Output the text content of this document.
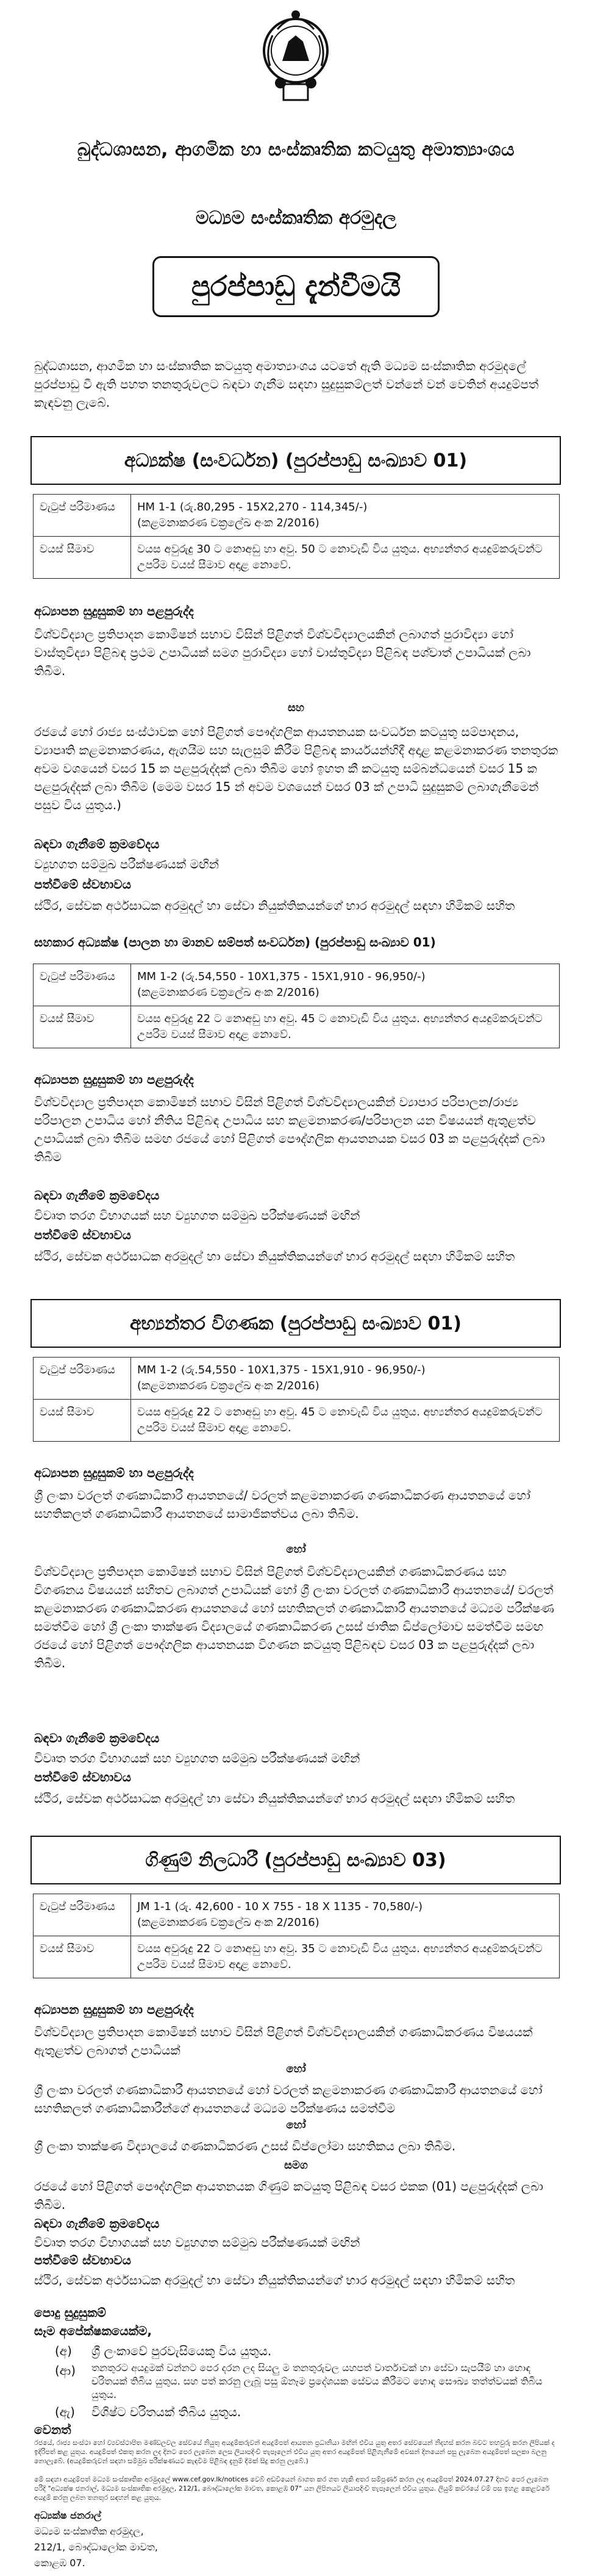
බුද්ධශාසන, ආගමික හා සංස්කෘතික කටයුතු අමාත්‍යාංශය
මධ්‍යම සංස්කෘතික අරමුදල
පුරප්පාඩු දැන්වීමයි
බුද්ධශාසන, ආගමික හා සංස්කෘතික කටයුතු අමාත්‍යාංශය යටතේ ඇති මධ්‍යම සංස්කෘතික අරමුදලේ පුරප්පාඩු වී ඇති පහත තනතුරුවලට බඳවා ගැනීම සඳහා සුදුසුකම්ලත් වන්නේ වන් වෙතින් අයදුම්පත් කැඳවනු ලැබේ.
අධ්‍යක්ෂ (සංවර්ධන) (පුරප්පාඩු සංඛ්‍යාව 01)
වැටුප් පරිමාණය	HM 1-1 (රු.80,295 - 15X2,270 - 114,345/-)
(කළමනාකරණ චක්‍රලේඛ අංක 2/2016)
වයස් සීමාව	වයස අවුරුදු 30 ට නොඅඩු හා අවු. 50 ට නොවැඩි විය යුතුය. අභ්‍යන්තර අයදුම්කරුවන්ට උපරිම වයස් සීමාව අදාළ නොවේ.
අධ්‍යාපන සුදුසුකම් හා පළපුරුද්ද
විශ්වවිද්‍යාල ප්‍රතිපාදන කොමිෂන් සභාව විසින් පිළිගත් විශ්වවිද්‍යාලයකින් ලබාගත් පුරාවිද්‍යා හෝ වාස්තුවිද්‍යා පිළිබඳ ප්‍රථම උපාධියක් සමග පුරාවිද්‍යා හෝ වාස්තුවිද්‍යා පිළිබඳ පශ්චාත් උපාධියක් ලබා තිබීම.
සහ
රජයේ හෝ රාජ්‍ය සංස්ථාවක හෝ පිළිගත් පෞද්ගලික ආයතනයක සංවර්ධන කටයුතු සම්පාදනය, ව්‍යාපෘති කළමනාකරණය, ඇගයීම සහ සැලසුම් කිරීම පිළිබඳ කාර්යයන්හිදී අදාළ කළමනාකරණ තනතුරක අවම වශයෙන් වසර 15 ක පළපුරුද්දක් ලබා තිබීම හෝ ඉහත කී කටයුතු සම්බන්ධයෙන් වසර 15 ක පළපුරුද්දක් ලබා තිබීම (මෙම වසර 15 න් අවම වශයෙන් වසර 03 ක් උපාධි සුදුසුකම් ලබාගැනීමෙන් පසුව විය යුතුය.)
බඳවා ගැනීමේ ක්‍රමවේදය
ව්‍යුහගත සම්මුඛ පරීක්ෂණයක් මඟින්
පත්වීමේ ස්වභාවය
ස්ථිර, සේවක අර්ථසාධක අරමුදල් හා සේවා නියුක්තිකයන්ගේ භාර අරමුදල් සඳහා හිමිකම් සහිත
සහකාර අධ්‍යක්ෂ (පාලන හා මානව සම්පත් සංවර්ධන) (පුරප්පාඩු සංඛ්‍යාව 01)
වැටුප් පරිමාණය	MM 1-2 (රු.54,550 - 10X1,375 - 15X1,910 - 96,950/-)
(කළමනාකරණ චක්‍රලේඛ අංක 2/2016)
වයස් සීමාව	වයස අවුරුදු 22 ට නොඅඩු හා අවු. 45 ට නොවැඩි විය යුතුය. අභ්‍යන්තර අයදුම්කරුවන්ට උපරිම වයස් සීමාව අදාළ නොවේ.
අධ්‍යාපන සුදුසුකම් හා පළපුරුද්ද
විශ්වවිද්‍යාල ප්‍රතිපාදන කොමිෂන් සභාව විසින් පිළිගත් විශ්වවිද්‍යාලයකින් ව්‍යාපාර පරිපාලන/රාජ්‍ය පරිපාලන උපාධිය හෝ නීතිය පිළිබඳ උපාධිය සහ කළමනාකරණ/පරිපාලන යන විෂයයන් ඇතුළත්ව උපාධියක් ලබා තිබීම සමඟ රජයේ හෝ පිළිගත් පෞද්ගලික ආයතනයක වසර 03 ක පළපුරුද්දක් ලබා තිබීම
බඳවා ගැනීමේ ක්‍රමවේදය
විවෘත තරග විභාගයක් සහ ව්‍යුහගත සම්මුඛ පරීක්ෂණයක් මඟින්
පත්වීමේ ස්වභාවය
ස්ථිර, සේවක අර්ථසාධක අරමුදල් හා සේවා නියුක්තිකයන්ගේ භාර අරමුදල් සඳහා හිමිකම් සහිත
අභ්‍යන්තර විගණක (පුරප්පාඩු සංඛ්‍යාව 01)
වැටුප් පරිමාණය	MM 1-2 (රු.54,550 - 10X1,375 - 15X1,910 - 96,950/-)
(කළමනාකරණ චක්‍රලේඛ අංක 2/2016)
වයස් සීමාව	වයස අවුරුදු 22 ට නොඅඩු හා අවු. 45 ට නොවැඩි විය යුතුය. අභ්‍යන්තර අයදුම්කරුවන්ට උපරිම වයස් සීමාව අදාළ නොවේ.
අධ්‍යාපන සුදුසුකම් හා පළපුරුද්ද
ශ්‍රී ලංකා වරලත් ගණකාධිකාරී ආයතනයේ/ වරලත් කළමනාකරණ ගණකාධිකරණ ආයතනයේ හෝ සහතිකලත් ගණකාධිකාරී ආයතනයේ සාමාජිකත්වය ලබා තිබීම.
හෝ
විශ්වවිද්‍යාල ප්‍රතිපාදන කොමිෂන් සභාව විසින් පිළිගත් විශ්වවිද්‍යාලයකින් ගණකාධිකරණය සහ විගණනය විෂයයන් සහිතව ලබාගත් උපාධියක් හෝ ශ්‍රී ලංකා වරලත් ගණකාධිකාරී ආයතනයේ/ වරලත් කළමනාකරණ ගණකාධිකරණ ආයතනයේ හෝ සහතිකලත් ගණකාධිකාරී ආයතනයේ මධ්‍යම පරීක්ෂණ සමත්වීම හෝ ශ්‍රී ලංකා තාක්ෂණ විද්‍යාලයේ ගණකාධිකරණ උසස් ජාතික ඩිප්ලෝමාව සමත්වීම සමඟ රජයේ හෝ පිළිගත් පෞද්ගලික ආයතනයක විගණන කටයුතු පිළිබඳව වසර 03 ක පළපුරුද්දක් ලබා තිබීම.
බඳවා ගැනීමේ ක්‍රමවේදය
විවෘත තරග විභාගයක් සහ ව්‍යුහගත සම්මුඛ පරීක්ෂණයක් මඟින්
පත්වීමේ ස්වභාවය
ස්ථිර, සේවක අර්ථසාධක අරමුදල් හා සේවා නියුක්තිකයන්ගේ භාර අරමුදල් සඳහා හිමිකම් සහිත
ගිණුම් නිලධාරී (පුරප්පාඩු සංඛ්‍යාව 03)
වැටුප් පරිමාණය	JM 1-1 (රු. 42,600 - 10 X 755 - 18 X 1135 - 70,580/-)
(කළමනාකරණ චක්‍රලේඛ අංක 2/2016)
වයස් සීමාව	වයස අවුරුදු 22 ට නොඅඩු හා අවු. 35 ට නොවැඩි විය යුතුය. අභ්‍යන්තර අයදුම්කරුවන්ට උපරිම වයස් සීමාව අදාළ නොවේ.
අධ්‍යාපන සුදුසුකම් හා පළපුරුද්ද
විශ්වවිද්‍යාල ප්‍රතිපාදන කොමිෂන් සභාව විසින් පිළිගත් විශ්වවිද්‍යාලයකින් ගණකාධිකරණය විෂයයක් ඇතුළත්ව ලබාගත් උපාධියක්
හෝ
ශ්‍රී ලංකා වරලත් ගණකාධිකාරී ආයතනයේ හෝ වරලත් කළමනාකරණ ගණකාධිකාරී ආයතනයේ හෝ සහතිකලත් ගණකාධිකාරීන්ගේ ආයතනයේ මධ්‍යම පරීක්ෂණය සමත්වීම
හෝ
ශ්‍රී ලංකා තාක්ෂණ විද්‍යාලයේ ගණකාධිකරණ උසස් ඩිප්ලෝමා සහතිකය ලබා තිබීම.
සමග
රජයේ හෝ පිළිගත් පෞද්ගලික ආයතනයක ගිණුම් කටයුතු පිළිබඳ වසර එකක (01) පළපුරුද්දක් ලබා තිබීම.
බඳවා ගැනීමේ ක්‍රමවේදය
විවෘත තරග විභාගයක් සහ ව්‍යුහගත සම්මුඛ පරීක්ෂණයක් මඟින්
පත්වීමේ ස්වභාවය
ස්ථිර, සේවක අර්ථසාධක අරමුදල් හා සේවා නියුක්තිකයන්ගේ භාර අරමුදල් සඳහා හිමිකම් සහිත
පොදු සුදුසුකම්
සෑම අපේක්ෂකයෙක්ම,
(අ) ශ්‍රී ලංකාවේ පුරවැසියෙකු විය යුතුය.
(ආ) තනතුරට අයදුමක් වන්නට පෙර දරන ලද සියලු ම තනතුරුවල යහපත් වාර්තාවක් හා සේවා සැපයීම් හා හොඳ චරිතයක් තිබිය යුතුය. සහ පත් කරනු ලැබූ පසු ඕනෑම ප්‍රදේශයක සේවය කිරීමට හොඳ සෞඛ්‍ය තත්ත්වයක් තිබිය යුතුය.
(ඇ) විශිෂ්ට චරිතයක් තිබිය යුතුය.
වෙනත්
රජයේ, රාජ්‍ය සංස්ථා හෝ ව්‍යවස්ථාපිත මණ්ඩලවල සේවයේ නියුතු අයදුම්කරුවන් අයදුම්පත් ආයතන ප්‍රධානියා මඟින් එවිය යුතු අතර සේවයෙන් නිදහස් කරන බවට තහවුරු කරන ලිපියක් ද ඉදිරිපත් කළ යුතුය. අයදුම්පත් එකතු කරන ලද දිනට පෙර ලැබෙන ලෙස ලියාපදිංචි තැපෑලෙන් එවිය යුතු අතර අයදුම්පත් පිළිගැනීමේ අවසන් දිනයෙන් පසු ලැබෙන අයදුම්පත් සලකා බලනු නොලැබේ. (අයදුම්කරුවන් සඳහා සම්මුඛ පරීක්ෂණයට කැඳවීම පිළිබඳ දැනුම් දීමක් සිදු කරනු ලැබේ.)
මේ සඳහා අයදුම්පත් මධ්‍යම සංස්කෘතික අරමුදලේ www.cef.gov.lk/notices වෙබ් අඩවියෙන් බාගත කර ගත හැකි අතර සම්පූර්ණ කරන ලද අයදුම්පත් 2024.07.27 දිනට පෙර ලැබෙන පරිදි "අධ්‍යක්ෂ ජනරාල්, මධ්‍යම සංස්කෘතික අරමුදල, 212/1, බෞද්ධාලෝක මාවත, කොළඹ 07" යන ලිපිනයට ලියාපදිංචි තැපෑලෙන් එවිය යුතුය. ලියුම් කවරයේ වම් පස ඉහළ කෙළවරේ අයදුම් කරනු ලබන තනතුර සඳහන් කළ යුතුය.
අධ්‍යක්ෂ ජනරාල්
මධ්‍යම සංස්කෘතික අරමුදල,
212/1, බෞද්ධාලෝක මාවත,
කොළඹ 07.
